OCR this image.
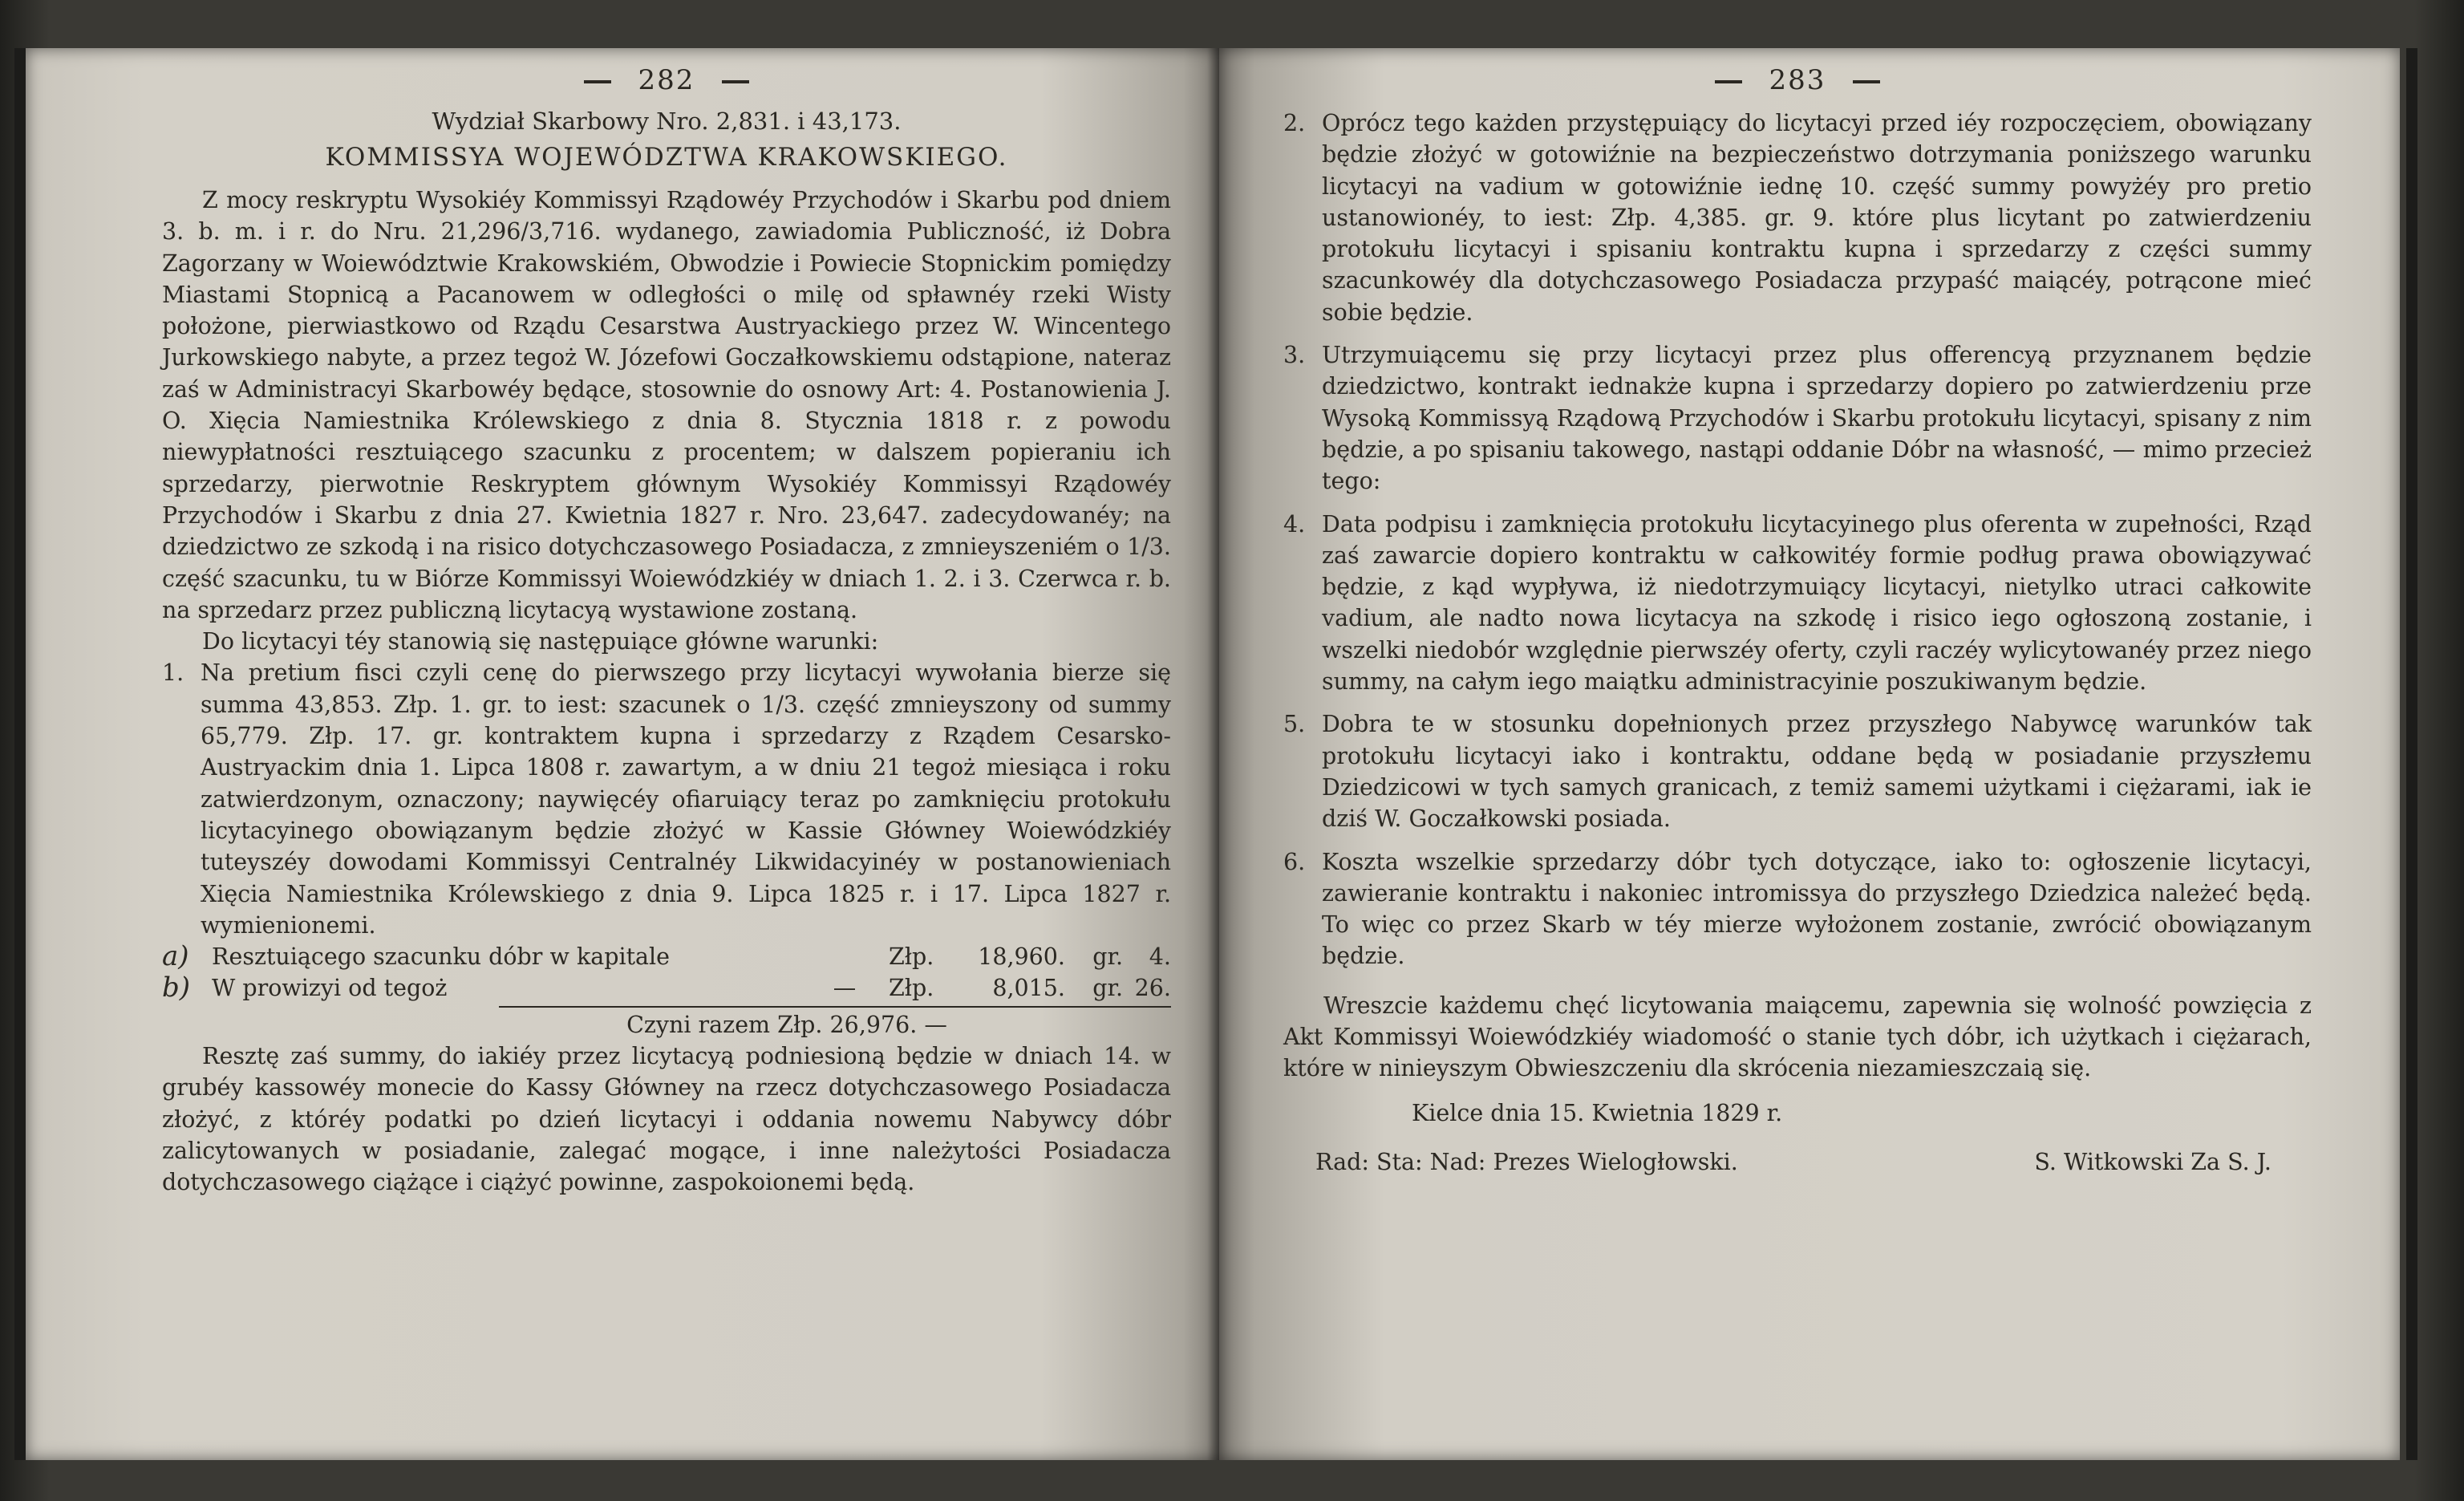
282
Wydział Skarbowy Nro. 2,831. i 43,173.
KOMMISSYA WOJEWÓDZTWA KRAKOWSKIEGO.

Z mocy reskryptu Wysokiéy Kommissyi Rządowéy Przychodów i Skarbu pod dniem 3. b. m. i r. do Nru. 21,296/3,716. wydanego, zawiadomia Publiczność, iż Dobra Zagorzany w Woiewództwie Krakowskiém, Obwodzie i Powiecie Stopnickim pomiędzy Miastami Stopnicą a Pacanowem w odległości o milę od spławnéy rzeki Wisty położone, pierwiastkowo od Rządu Cesarstwa Austryackiego przez W. Wincentego Jurkowskiego nabyte, a przez tegoż W. Józefowi Goczałkowskiemu odstąpione, nateraz zaś w Administracyi Skarbowéy będące, stosownie do osnowy Art: 4. Postanowienia J. O. Xięcia Namiestnika Królewskiego z dnia 8. Stycznia 1818 r. z powodu niewypłatności resztuiącego szacunku z procentem; w dalszem popieraniu ich sprzedarzy, pierwotnie Reskryptem głównym Wysokiéy Kommissyi Rządowéy Przychodów i Skarbu z dnia 27. Kwietnia 1827 r. Nro. 23,647. zadecydowanéy; na dziedzictwo ze szkodą i na risico dotychczasowego Posiadacza, z zmnieyszeniém o 1/3. część szacunku, tu w Biórze Kommissyi Woiewódzkiéy w dniach 1. 2. i 3. Czerwca r. b. na sprzedarz przez publiczną licytacyą wystawione zostaną.

Do licytacyi téy stanowią się następuiące główne warunki:

1. Na pretium fisci czyli cenę do pierwszego przy licytacyi wywołania bierze się summa 43,853. Złp. 1. gr. to iest: szacunek o 1/3. część zmnieyszony od summy 65,779. Złp. 17. gr. kontraktem kupna i sprzedarzy z Rządem Cesarsko-Austryackim dnia 1. Lipca 1808 r. zawartym, a w dniu 21 tegoż miesiąca i roku zatwierdzonym, oznaczony; naywięcéy ofiaruiący teraz po zamknięciu protokułu licytacyinego obowiązanym będzie złożyć w Kassie Główney Woiewódzkiéy tuteyszéy dowodami Kommissyi Centralnéy Likwidacyinéy w postanowieniach Xięcia Namiestnika Królewskiego z dnia 9. Lipca 1825 r. i 17. Lipca 1827 r. wymienionemi.
a) Resztuiącego szacunku dóbr w kapitale	Złp.	18,960.	gr.	4.
b) W prowizyi od tegoż	—	Złp.	8,015.	gr. 26.
Czyni razem Złp. 26,976. —

Resztę zaś summy, do iakiéy przez licytacyą podniesioną będzie w dniach 14. w grubéy kassowéy monecie do Kassy Główney na rzecz dotychczasowego Posiadacza złożyć, z któréy podatki po dzień licytacyi i oddania nowemu Nabywcy dóbr zalicytowanych w posiadanie, zalegać mogące, i inne należytości Posiadacza dotychczasowego ciążące i ciążyć powinne, zaspokoionemi będą.

283
2. Oprócz tego każden przystępuiący do licytacyi przed iéy rozpoczęciem, obowiązany będzie złożyć w gotowiźnie na bezpieczeństwo dotrzymania poniższego warunku licytacyi na vadium w gotowiźnie iednę 10. część summy powyżéy pro pretio ustanowionéy, to iest: Złp. 4,385. gr. 9. które plus licytant po zatwierdzeniu protokułu licytacyi i spisaniu kontraktu kupna i sprzedarzy z części summy szacunkowéy dla dotychczasowego Posiadacza przypaść maiącéy, potrącone mieć sobie będzie.
3. Utrzymuiącemu się przy licytacyi przez plus offerencyą przyznanem będzie dziedzictwo, kontrakt iednakże kupna i sprzedarzy dopiero po zatwierdzeniu prze Wysoką Kommissyą Rządową Przychodów i Skarbu protokułu licytacyi, spisany z nim będzie, a po spisaniu takowego, nastąpi oddanie Dóbr na własność, — mimo przecież tego:
4. Data podpisu i zamknięcia protokułu licytacyinego plus oferenta w zupełności, Rząd zaś zawarcie dopiero kontraktu w całkowitéy formie podług prawa obowiązywać będzie, z kąd wypływa, iż niedotrzymuiący licytacyi, nietylko utraci całkowite vadium, ale nadto nowa licytacya na szkodę i risico iego ogłoszoną zostanie, i wszelki niedobór względnie pierwszéy oferty, czyli raczéy wylicytowanéy przez niego summy, na całym iego maiątku administracyinie poszukiwanym będzie.
5. Dobra te w stosunku dopełnionych przez przyszłego Nabywcę warunków tak protokułu licytacyi iako i kontraktu, oddane będą w posiadanie przyszłemu Dziedzicowi w tych samych granicach, z temiż samemi użytkami i ciężarami, iak ie dziś W. Goczałkowski posiada.
6. Koszta wszelkie sprzedarzy dóbr tych dotyczące, iako to: ogłoszenie licytacyi, zawieranie kontraktu i nakoniec intromissya do przyszłego Dziedzica należeć będą. To więc co przez Skarb w téy mierze wyłożonem zostanie, zwrócić obowiązanym będzie.

Wreszcie każdemu chęć licytowania maiącemu, zapewnia się wolność powzięcia z Akt Kommissyi Woiewódzkiéy wiadomość o stanie tych dóbr, ich użytkach i ciężarach, które w ninieyszym Obwieszczeniu dla skrócenia niezamieszczaią się.

Kielce dnia 15. Kwietnia 1829 r.
Rad: Sta: Nad: Prezes Wielogłowski.	S. Witkowski Za S. J.
